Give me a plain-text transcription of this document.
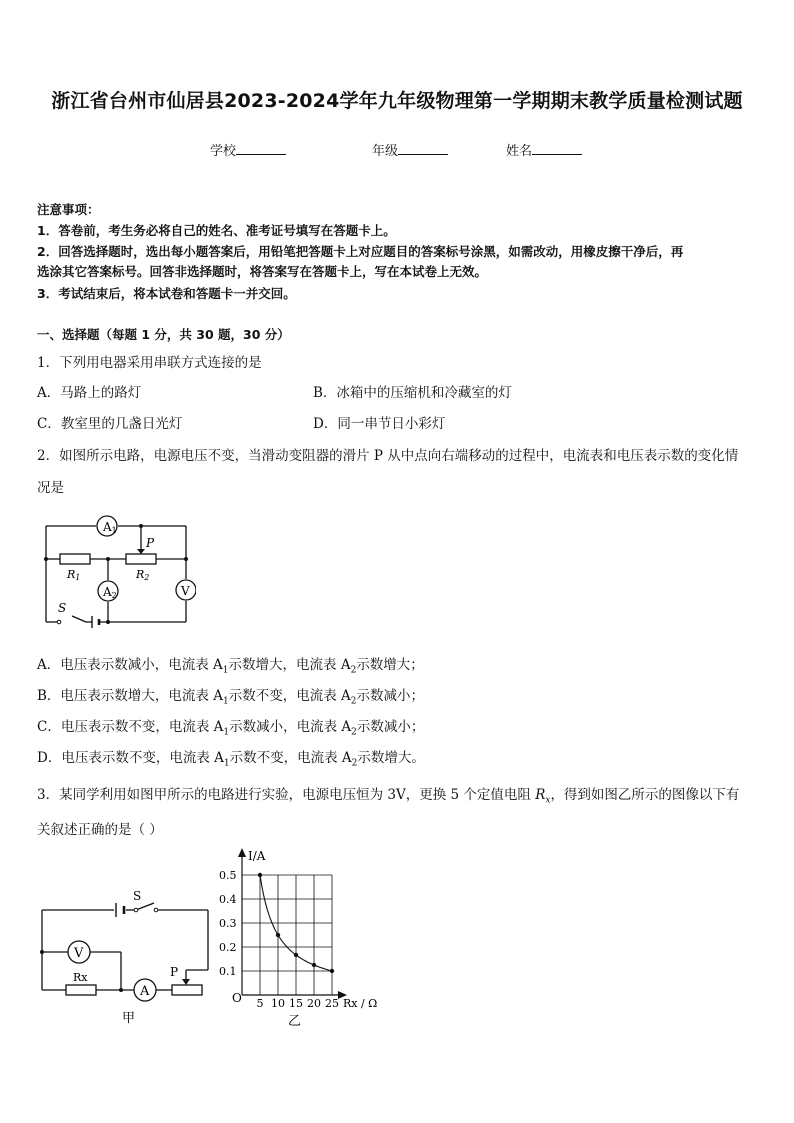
浙江省台州市仙居县2023-2024学年九年级物理第一学期期末教学质量检测试题
学校	年级	姓名
注意事项：
1．答卷前，考生务必将自己的姓名、准考证号填写在答题卡上。
2．回答选择题时，选出每小题答案后，用铅笔把答题卡上对应题目的答案标号涂黑，如需改动，用橡皮擦干净后，再
选涂其它答案标号。回答非选择题时，将答案写在答题卡上，写在本试卷上无效。
3．考试结束后，将本试卷和答题卡一并交回。
一、选择题（每题 1 分，共 30 题，30 分）
1．下列用电器采用串联方式连接的是
A．马路上的路灯	B．冰箱中的压缩机和冷藏室的灯
C．教室里的几盏日光灯	D．同一串节日小彩灯
2．如图所示电路，电源电压不变，当滑动变阻器的滑片 P 从中点向右端移动的过程中，电流表和电压表示数的变化情
况是
A1
A2	V
P
R1	R2
S
A．电压表示数减小，电流表 $A_1$示数增大，电流表 $A_2$示数增大；
B．电压表示数增大，电流表 $A_1$示数不变，电流表 $A_2$示数减小；
C．电压表示数不变，电流表 $A_1$示数减小，电流表 $A_2$示数减小；
D．电压表示数不变，电流表 $A_1$示数不变，电流表 $A_2$示数增大。
3．某同学利用如图甲所示的电路进行实验，电源电压恒为 3V，更换 5 个定值电阻 $R_x$，得到如图乙所示的图像以下有
关叙述正确的是（ ）
V
A
S
P
Rx
甲
I/A
Rx / Ω
O 5 10 15 20 25
0.1
0.2
0.3
0.4
0.5
乙
